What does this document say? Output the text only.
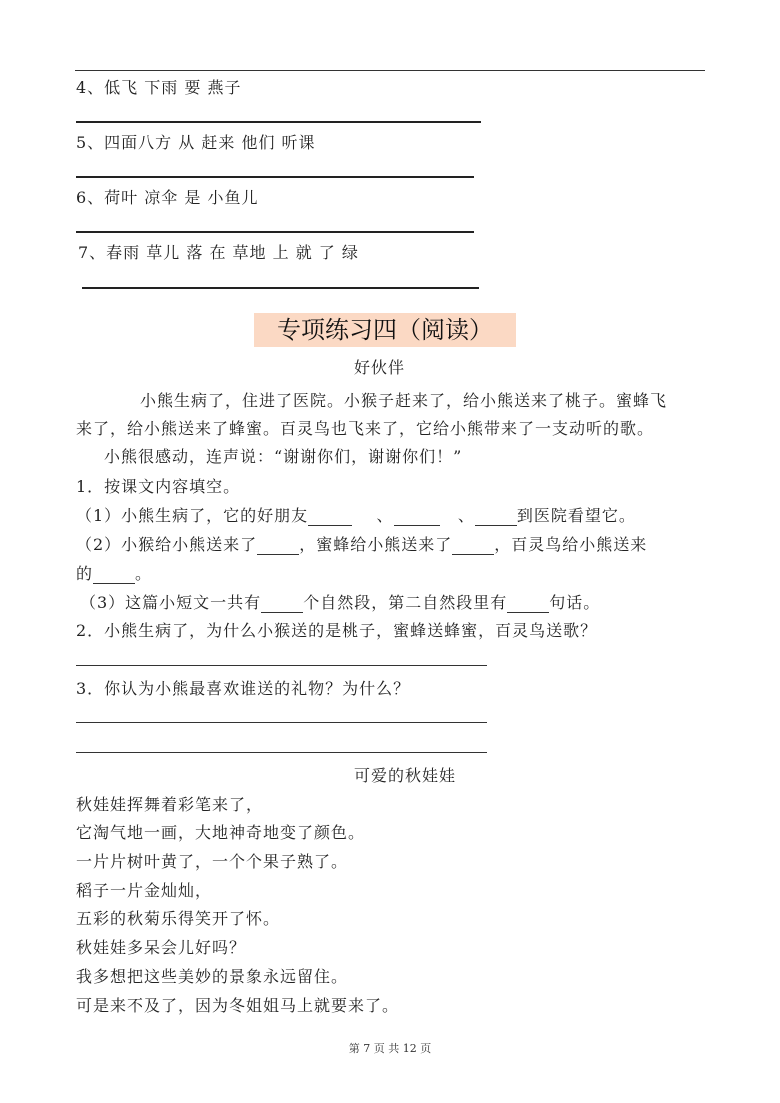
4、低飞 下雨 要 燕子
5、四面八方 从 赶来 他们 听课
6、荷叶 凉伞 是 小鱼儿
7、春雨 草儿 落 在 草地 上 就 了 绿
专项练习四（阅读）
好伙伴
小熊生病了，住进了医院。小猴子赶来了，给小熊送来了桃子。蜜蜂飞
来了，给小熊送来了蜂蜜。百灵鸟也飞来了，它给小熊带来了一支动听的歌。
小熊很感动，连声说：“谢谢你们，谢谢你们！”
1．按课文内容填空。
（1）小熊生病了，它的好朋友	、	、	到医院看望它。
（2）小猴给小熊送来了	，蜜蜂给小熊送来了	，百灵鸟给小熊送来
的	。
（3）这篇小短文一共有	个自然段，第二自然段里有	句话。
2．小熊生病了，为什么小猴送的是桃子，蜜蜂送蜂蜜，百灵鸟送歌？
3．你认为小熊最喜欢谁送的礼物？为什么？
可爱的秋娃娃
秋娃娃挥舞着彩笔来了，
它淘气地一画，大地神奇地变了颜色。
一片片树叶黄了，一个个果子熟了。
稻子一片金灿灿，
五彩的秋菊乐得笑开了怀。
秋娃娃多呆会儿好吗？
我多想把这些美妙的景象永远留住。
可是来不及了，因为冬姐姐马上就要来了。
第 7 页 共 12 页
